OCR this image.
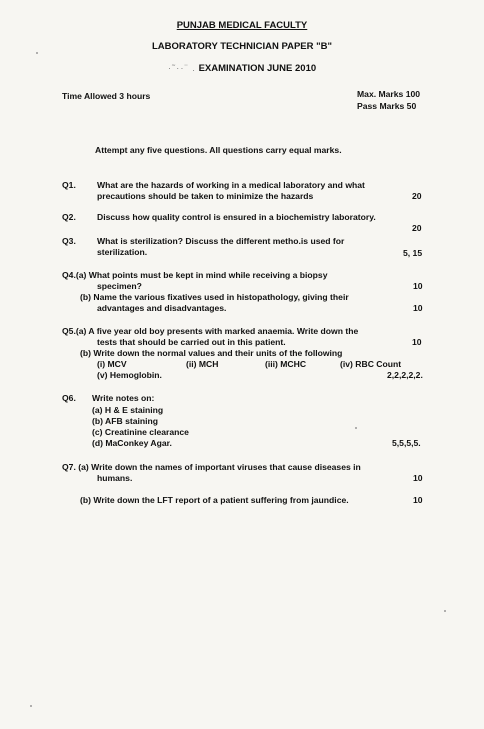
PUNJAB MEDICAL FACULTY
LABORATORY TECHNICIAN PAPER "B"
·˜··¨ . EXAMINATION JUNE 2010
Time Allowed 3 hours	Max. Marks 100
Pass Marks 50
Attempt any five questions. All questions carry equal marks.
Q1. What are the hazards of working in a medical laboratory and what
precautions should be taken to minimize the hazards	20
Q2. Discuss how quality control is ensured in a biochemistry laboratory.
20
Q3. What is sterilization? Discuss the different metho.is used for
sterilization.	5, 15
Q4.(a) What points must be kept in mind while receiving a biopsy
specimen?	10
(b) Name the various fixatives used in histopathology, giving their
advantages and disadvantages.	10
Q5.(a) A five year old boy presents with marked anaemia. Write down the
tests that should be carried out in this patient.	10
(b) Write down the normal values and their units of the following
(i) MCV	(ii) MCH	(iii) MCHC	(iv) RBC Count
(v) Hemoglobin.	2,2,2,2,2.
Q6. Write notes on:
(a) H & E staining
(b) AFB staining
(c) Creatinine clearance
(d) MaConkey Agar.	5,5,5,5.
Q7. (a) Write down the names of important viruses that cause diseases in
humans.	10
(b) Write down the LFT report of a patient suffering from jaundice.	10
